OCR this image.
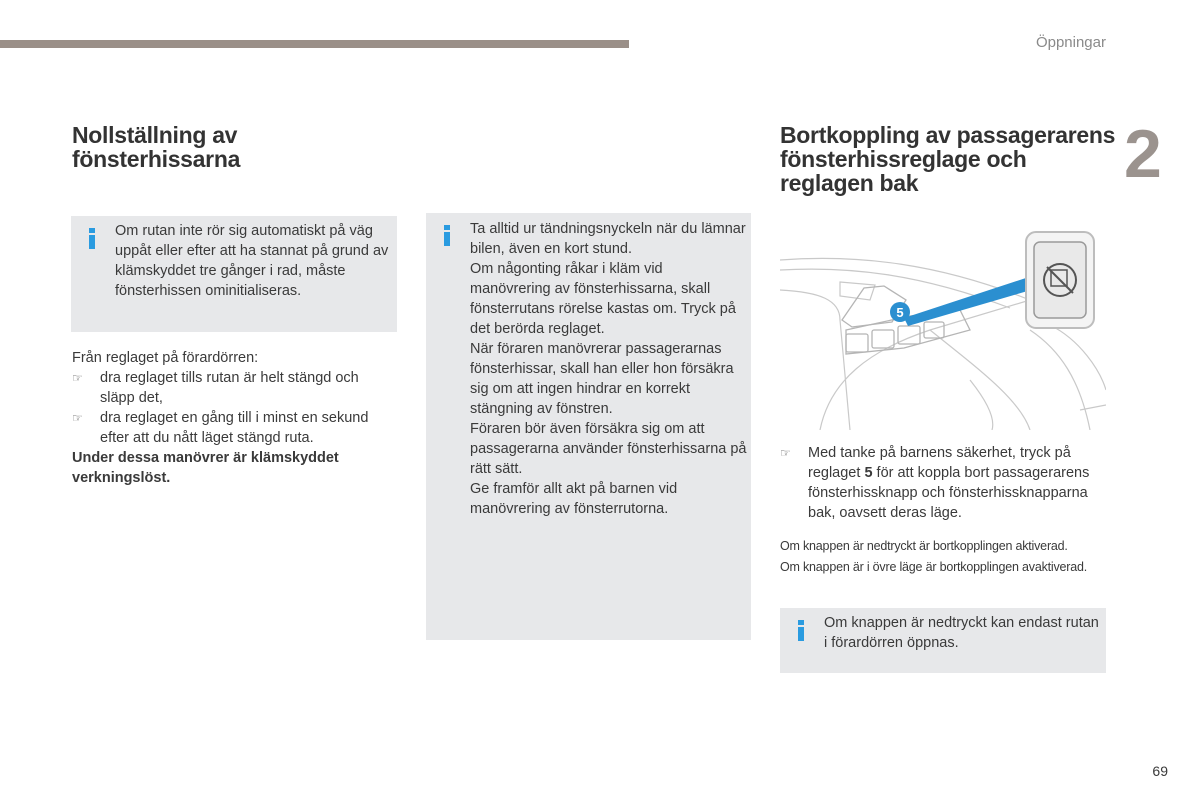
Öppningar
2
Nollställning av fönsterhissarna
Om rutan inte rör sig automatiskt på väg uppåt eller efter att ha stannat på grund av klämskyddet tre gånger i rad, måste fönsterhissen ominitialiseras.

Från reglaget på förardörren:

☞ dra reglaget tills rutan är helt stängd och släpp det,
☞ dra reglaget en gång till i minst en sekund efter att du nått läget stängd ruta.

Under dessa manövrer är klämskyddet verkningslöst.

Ta alltid ur tändningsnyckeln när du lämnar bilen, även en kort stund.

Om någonting råkar i kläm vid manövrering av fönsterhissarna, skall fönsterrutans rörelse kastas om. Tryck på det berörda reglaget.

När föraren manövrerar passagerarnas fönsterhissar, skall han eller hon försäkra sig om att ingen hindrar en korrekt stängning av fönstren.

Föraren bör även försäkra sig om att passagerarna använder fönsterhissarna på rätt sätt.

Ge framför allt akt på barnen vid manövrering av fönsterrutorna.

Bortkoppling av passagerarens fönsterhissreglage och reglagen bak
5
☞ Med tanke på barnens säkerhet, tryck på reglaget 5 för att koppla bort passagerarens fönsterhissknapp och fönsterhissknapparna bak, oavsett deras läge.

Om knappen är nedtryckt är bortkopplingen aktiverad.

Om knappen är i övre läge är bortkopplingen avaktiverad.

Om knappen är nedtryckt kan endast rutan i förardörren öppnas.
69
